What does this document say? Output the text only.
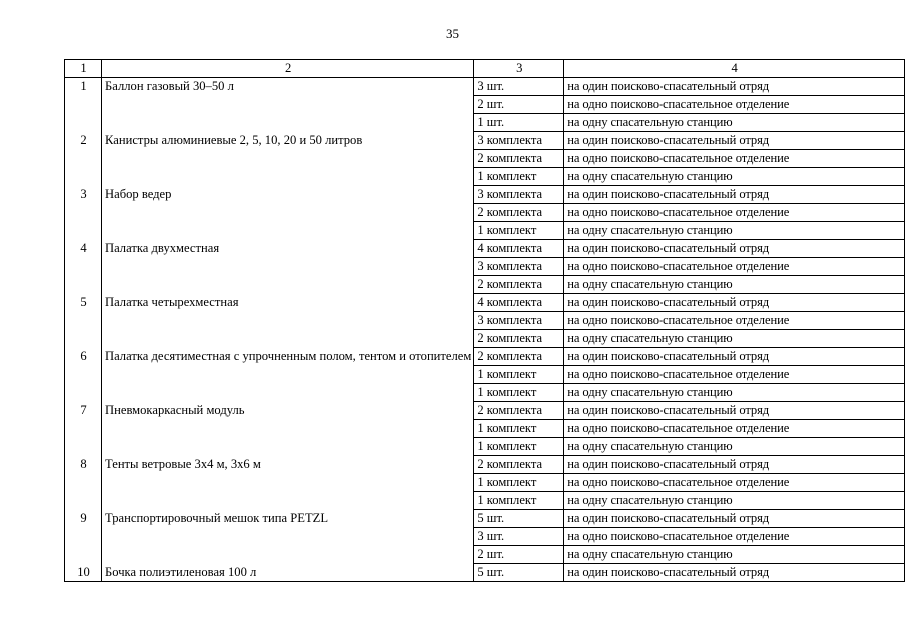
35
1	2	3	4
1	Баллон газовый 30–50 л	3 шт.	на один поисково-спасательный отряд
		2 шт.	на одно поисково-спасательное отделение
		1 шт.	на одну спасательную станцию
2	Канистры алюминиевые 2, 5, 10, 20 и 50 литров	3 комплекта	на один поисково-спасательный отряд
		2 комплекта	на одно поисково-спасательное отделение
		1 комплект	на одну спасательную станцию
3	Набор ведер	3 комплекта	на один поисково-спасательный отряд
		2 комплекта	на одно поисково-спасательное отделение
		1 комплект	на одну спасательную станцию
4	Палатка двухместная	4 комплекта	на один поисково-спасательный отряд
		3 комплекта	на одно поисково-спасательное отделение
		2 комплекта	на одну спасательную станцию
5	Палатка четырехместная	4 комплекта	на один поисково-спасательный отряд
		3 комплекта	на одно поисково-спасательное отделение
		2 комплекта	на одну спасательную станцию
6	Палатка десятиместная с упрочненным полом, тентом и отопителем	2 комплекта	на один поисково-спасательный отряд
		1 комплект	на одно поисково-спасательное отделение
		1 комплект	на одну спасательную станцию
7	Пневмокаркасный модуль	2 комплекта	на один поисково-спасательный отряд
		1 комплект	на одно поисково-спасательное отделение
		1 комплект	на одну спасательную станцию
8	Тенты ветровые 3х4 м, 3х6 м	2 комплекта	на один поисково-спасательный отряд
		1 комплект	на одно поисково-спасательное отделение
		1 комплект	на одну спасательную станцию
9	Транспортировочный мешок типа PETZL	5 шт.	на один поисково-спасательный отряд
		3 шт.	на одно поисково-спасательное отделение
		2 шт.	на одну спасательную станцию
10	Бочка полиэтиленовая 100 л	5 шт.	на один поисково-спасательный отряд
